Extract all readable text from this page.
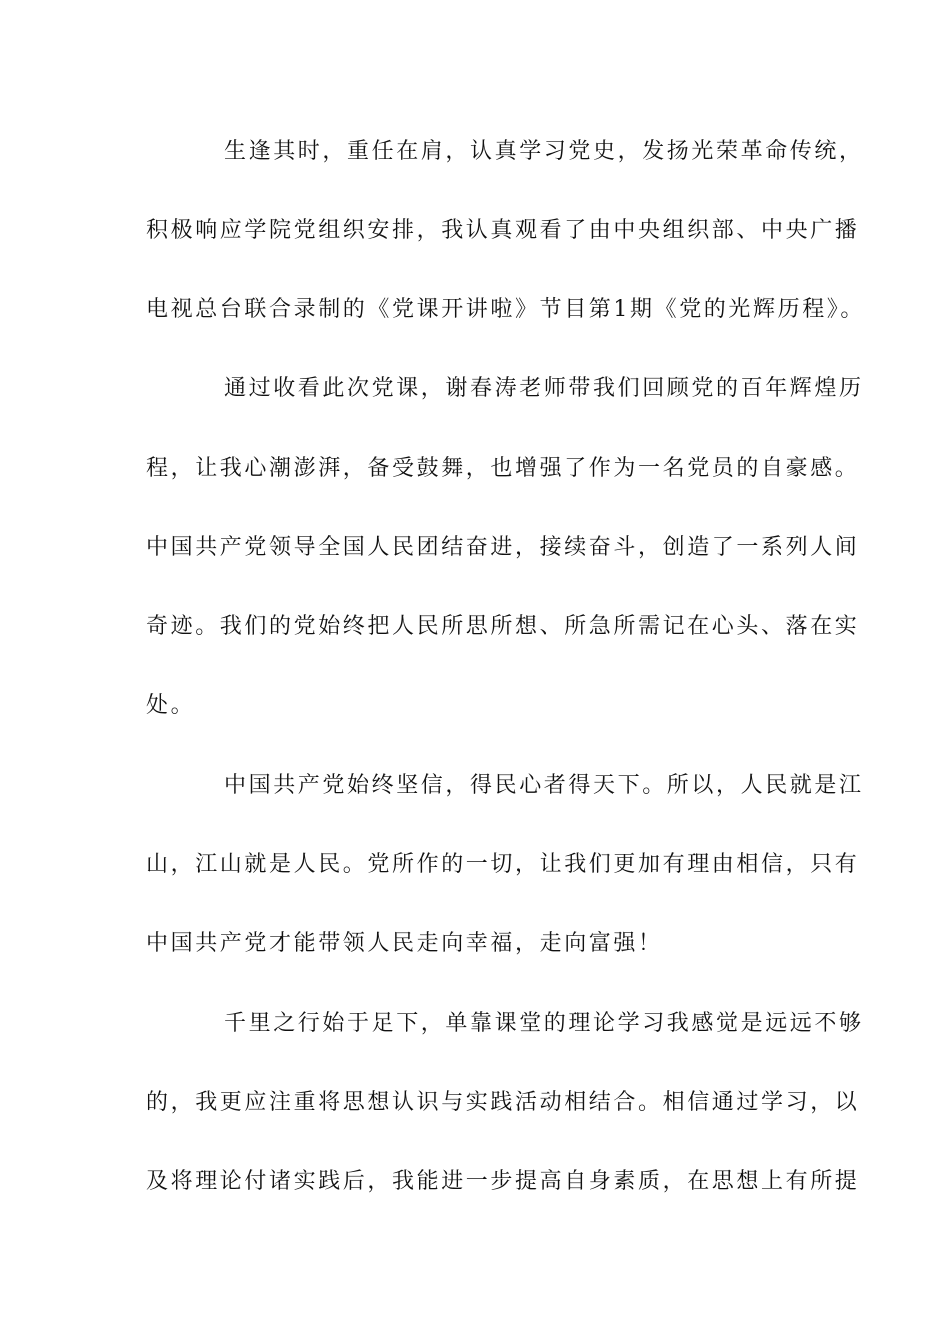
生逢其时，重任在肩，认真学习党史，发扬光荣革命传统，
积极响应学院党组织安排，我认真观看了由中央组织部、中央广播
电视总台联合录制的《党课开讲啦》节目第1期《党的光辉历程》。
通过收看此次党课，谢春涛老师带我们回顾党的百年辉煌历
程，让我心潮澎湃，备受鼓舞，也增强了作为一名党员的自豪感。
中国共产党领导全国人民团结奋进，接续奋斗，创造了一系列人间
奇迹。我们的党始终把人民所思所想、所急所需记在心头、落在实
处。
中国共产党始终坚信，得民心者得天下。所以，人民就是江
山，江山就是人民。党所作的一切，让我们更加有理由相信，只有
中国共产党才能带领人民走向幸福，走向富强！
千里之行始于足下，单靠课堂的理论学习我感觉是远远不够
的，我更应注重将思想认识与实践活动相结合。相信通过学习，以
及将理论付诸实践后，我能进一步提高自身素质，在思想上有所提
